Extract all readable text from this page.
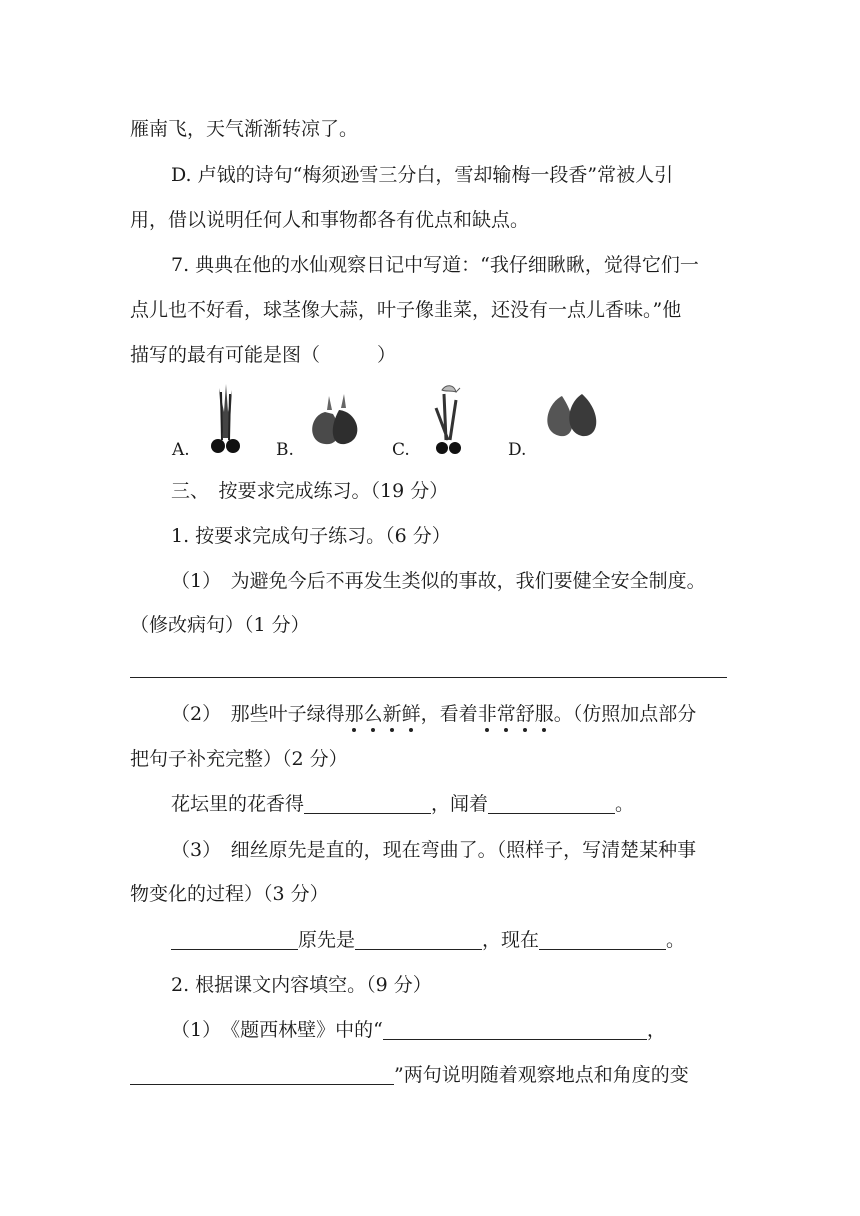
雁南飞，天气渐渐转凉了。
D. 卢钺的诗句“梅须逊雪三分白，雪却输梅一段香”常被人引
用，借以说明任何人和事物都各有优点和缺点。
7. 典典在他的水仙观察日记中写道：“我仔细瞅瞅，觉得它们一
点儿也不好看，球茎像大蒜，叶子像韭菜，还没有一点儿香味。”他
描写的最有可能是图（　　　）
A.	B.	C.	D.
三、　按要求完成练习。（19 分）
1. 按要求完成句子练习。（6 分）
（1）　为避免今后不再发生类似的事故，我们要健全安全制度。
（修改病句）（1 分）
（2）　那些叶子绿得那么新鲜，看着非常舒服。（仿照加点部分
把句子补充完整）（2 分）
花坛里的花香得	，闻着	。
（3）　细丝原先是直的，现在弯曲了。（照样子，写清楚某种事
物变化的过程）（3 分）
原先是	，现在	。
2. 根据课文内容填空。（9 分）
（1）　《题西林壁》中的“	，
”两句说明随着观察地点和角度的变
